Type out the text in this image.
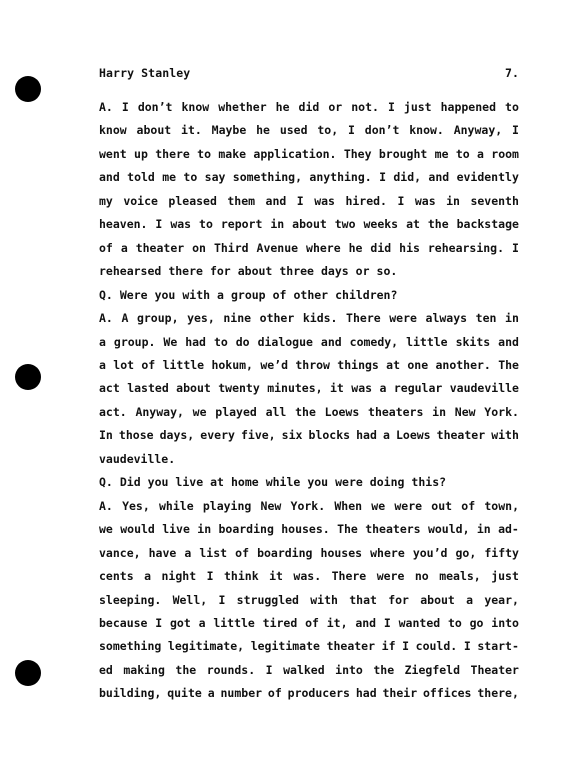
Harry Stanley	7.
A. I don’t know whether he did or not. I just happened to
know about it. Maybe he used to, I don’t know. Anyway, I
went up there to make application. They brought me to a room
and told me to say something, anything. I did, and evidently
my voice pleased them and I was hired. I was in seventh
heaven. I was to report in about two weeks at the backstage
of a theater on Third Avenue where he did his rehearsing. I
rehearsed there for about three days or so.
Q. Were you with a group of other children?
A. A group, yes, nine other kids. There were always ten in
a group. We had to do dialogue and comedy, little skits and
a lot of little hokum, we’d throw things at one another. The
act lasted about twenty minutes, it was a regular vaudeville
act. Anyway, we played all the Loews theaters in New York.
In those days, every five, six blocks had a Loews theater with
vaudeville.
Q. Did you live at home while you were doing this?
A. Yes, while playing New York. When we were out of town,
we would live in boarding houses. The theaters would, in ad-
vance, have a list of boarding houses where you’d go, fifty
cents a night I think it was. There were no meals, just
sleeping. Well, I struggled with that for about a year,
because I got a little tired of it, and I wanted to go into
something legitimate, legitimate theater if I could. I start-
ed making the rounds. I walked into the Ziegfeld Theater
building, quite a number of producers had their offices there,
